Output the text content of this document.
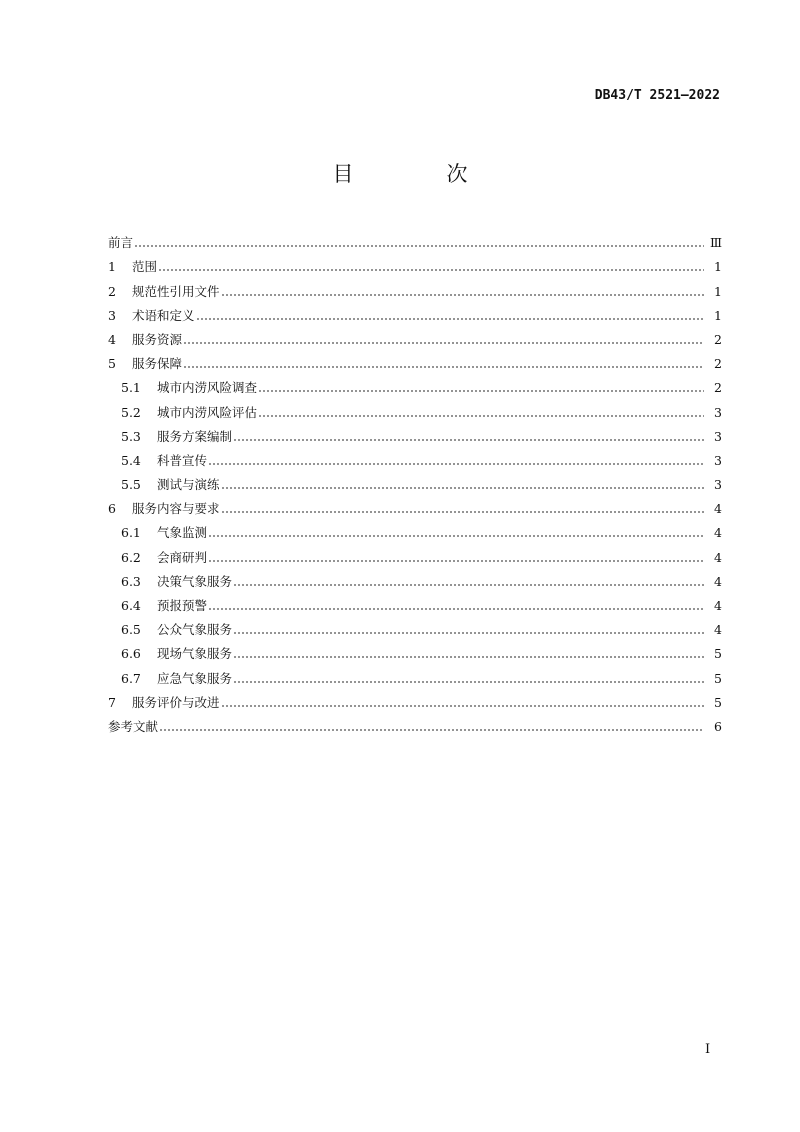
DB43/T 2521—2022
目　次
前言	Ⅲ
1	范围	1
2	规范性引用文件	1
3	术语和定义	1
4	服务资源	2
5	服务保障	2
5.1	城市内涝风险调查	2
5.2	城市内涝风险评估	3
5.3	服务方案编制	3
5.4	科普宣传	3
5.5	测试与演练	3
6	服务内容与要求	4
6.1	气象监测	4
6.2	会商研判	4
6.3	决策气象服务	4
6.4	预报预警	4
6.5	公众气象服务	4
6.6	现场气象服务	5
6.7	应急气象服务	5
7	服务评价与改进	5
参考文献	6
I
